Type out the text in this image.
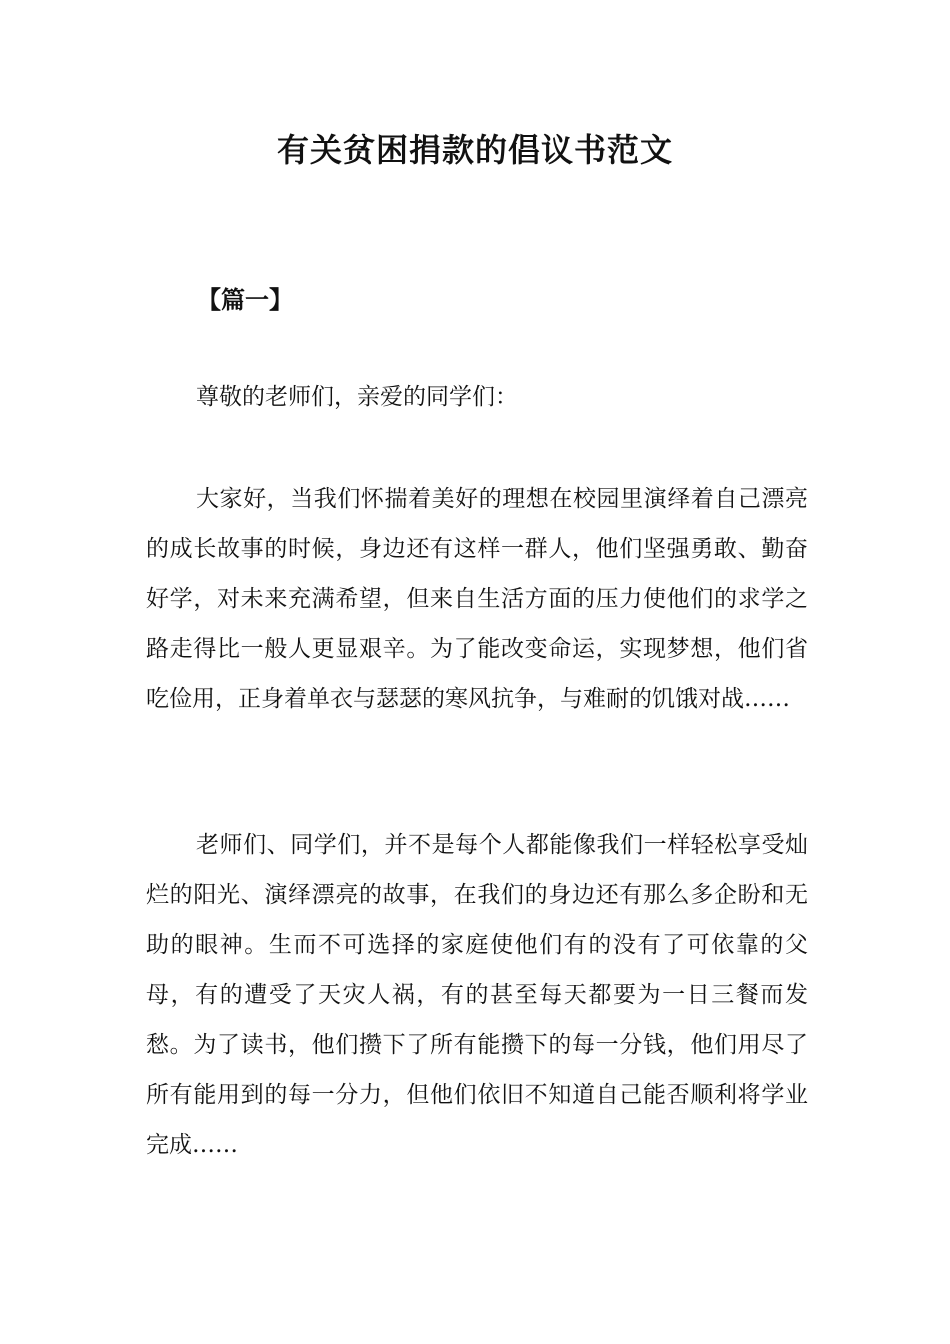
有关贫困捐款的倡议书范文

【篇一】

尊敬的老师们，亲爱的同学们：

大家好，当我们怀揣着美好的理想在校园里演绎着自己漂亮的成长故事的时候，身边还有这样一群人，他们坚强勇敢、勤奋好学，对未来充满希望，但来自生活方面的压力使他们的求学之路走得比一般人更显艰辛。为了能改变命运，实现梦想，他们省吃俭用，正身着单衣与瑟瑟的寒风抗争，与难耐的饥饿对战……

老师们、同学们，并不是每个人都能像我们一样轻松享受灿烂的阳光、演绎漂亮的故事，在我们的身边还有那么多企盼和无助的眼神。生而不可选择的家庭使他们有的没有了可依靠的父母，有的遭受了天灾人祸，有的甚至每天都要为一日三餐而发愁。为了读书，他们攒下了所有能攒下的每一分钱，他们用尽了所有能用到的每一分力，但他们依旧不知道自己能否顺利将学业完成……
